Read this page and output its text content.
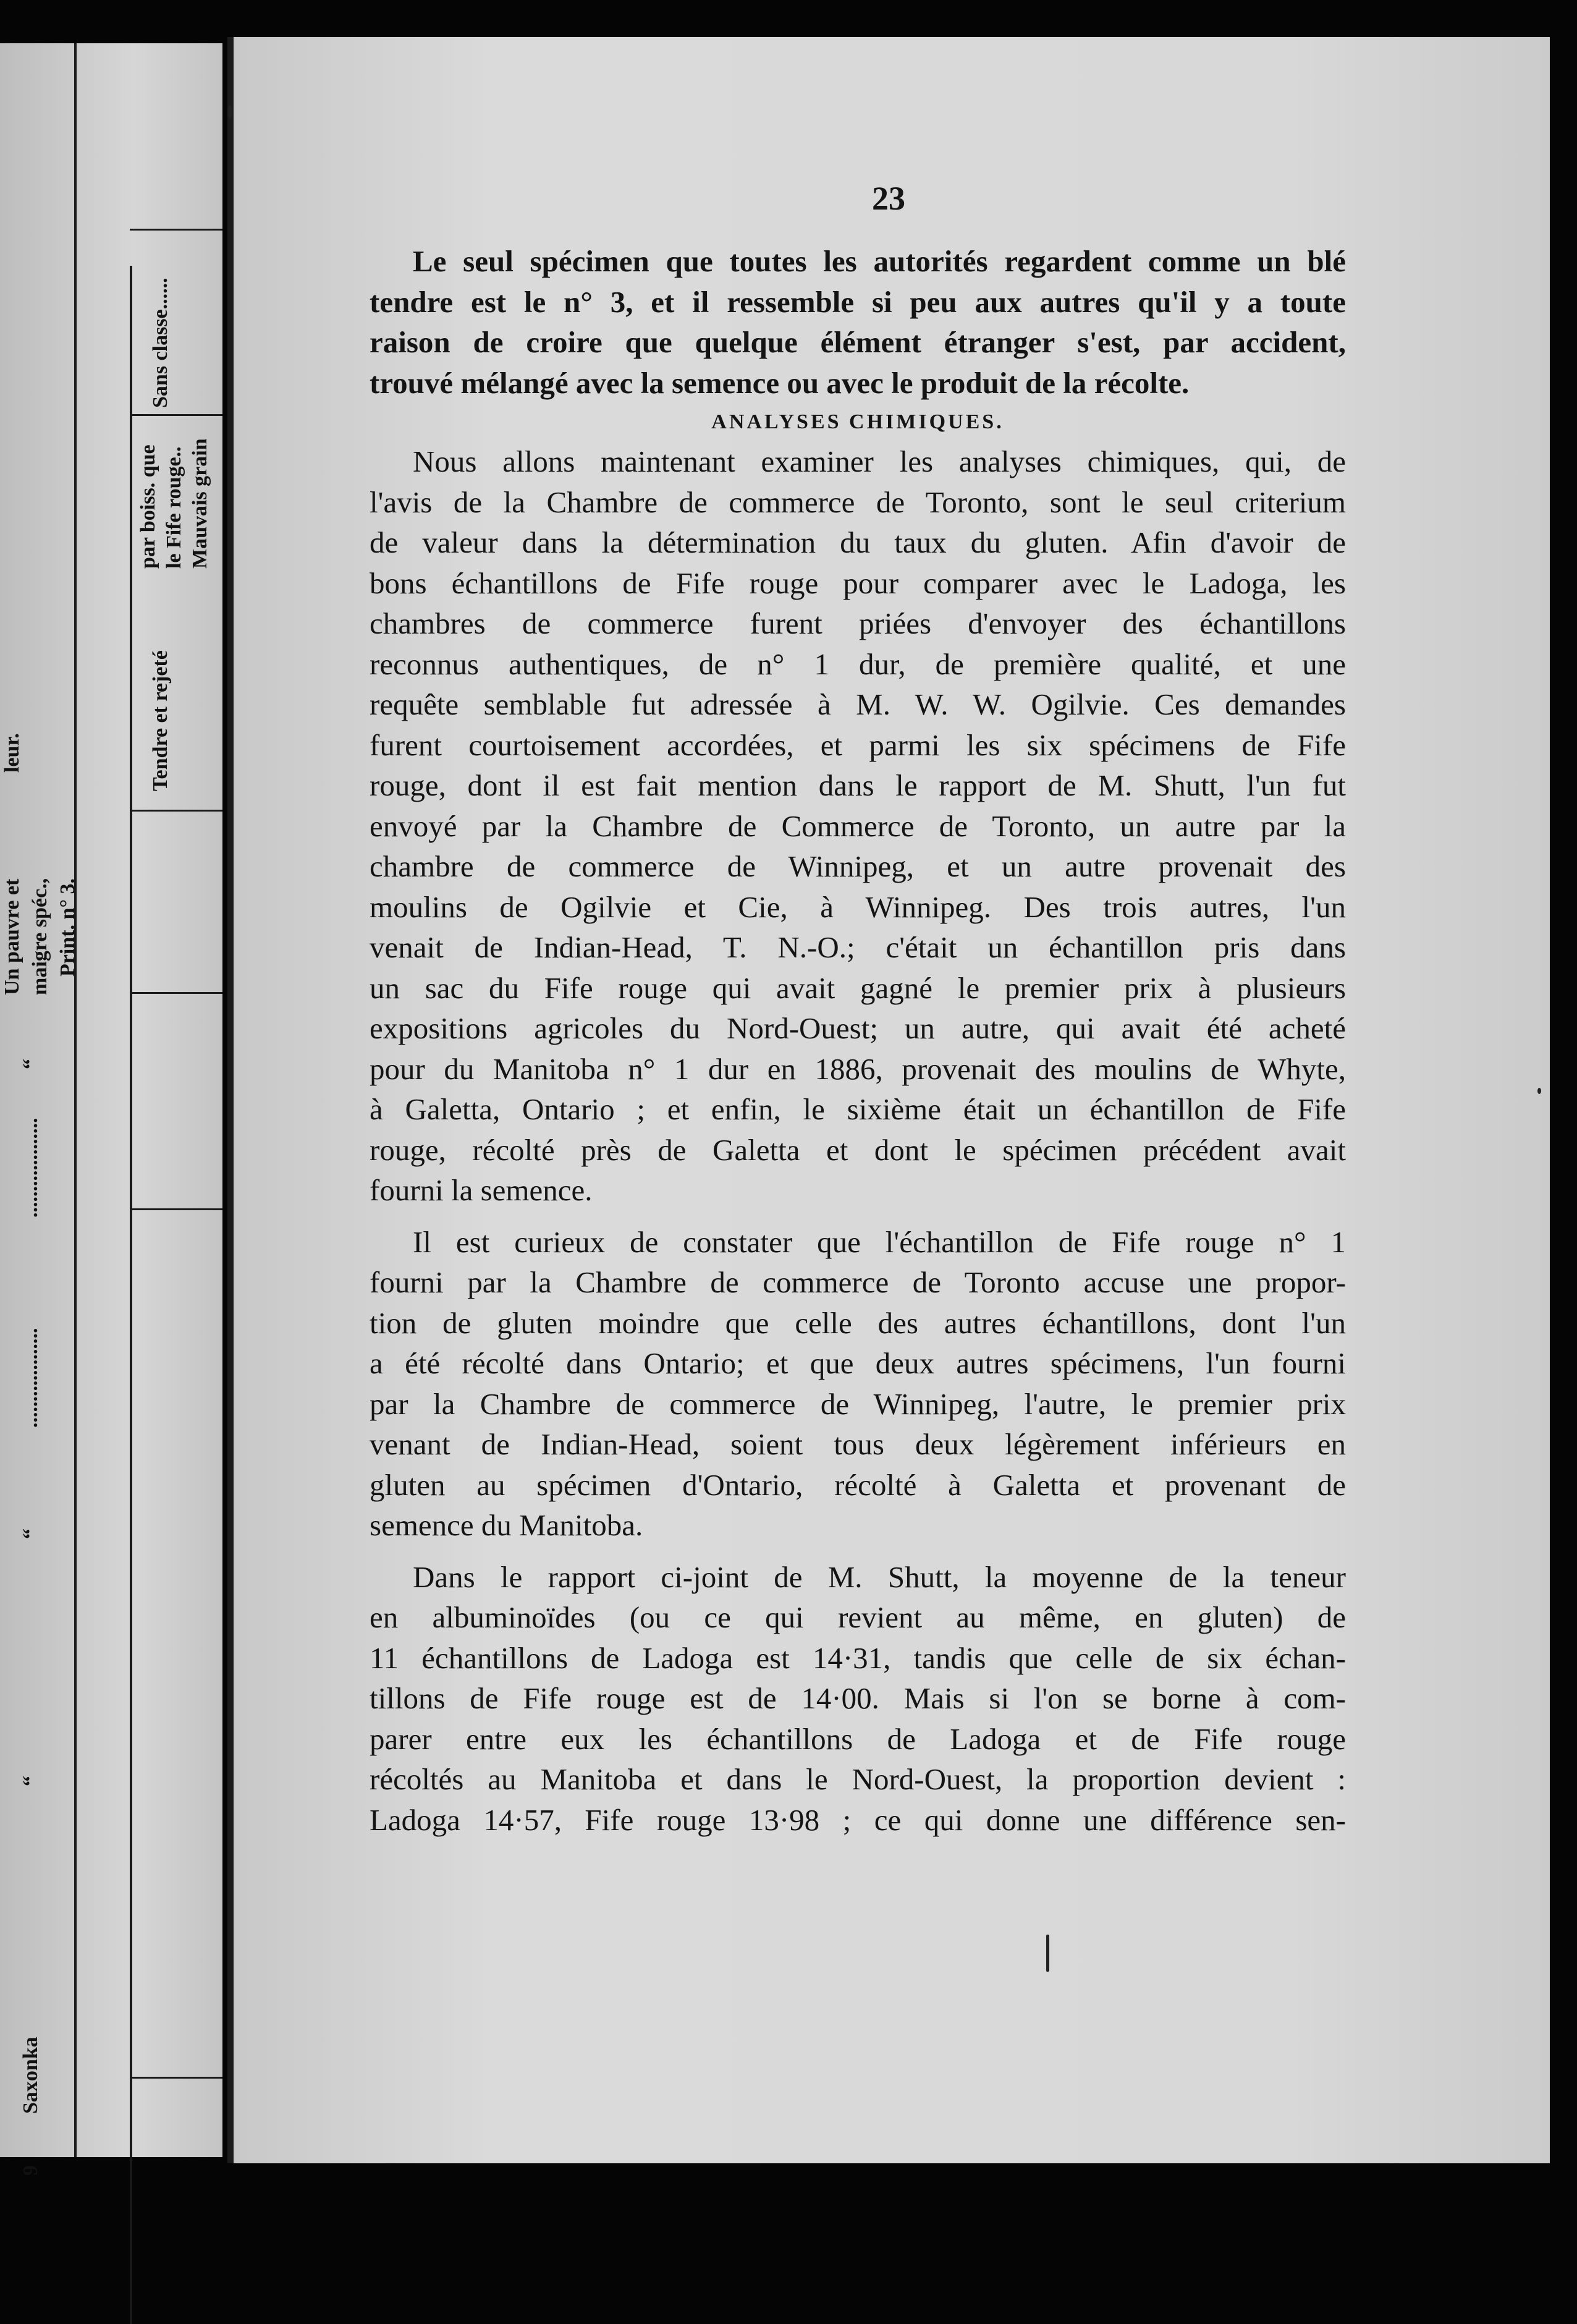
9
Saxonka
“
“
...................
...................
“
leur.
Un pauvre et maigre spéc., Print. n° 3.
Tendre et rejeté
par boiss. que le Fife rouge.. Mauvais grain
Sans classe......
23
Le seul spécimen que toutes les autorités regardent comme un blé
tendre est le n° 3, et il ressemble si peu aux autres qu'il y a toute
raison de croire que quelque élément étranger s'est, par accident,
trouvé mélangé avec la semence ou avec le produit de la récolte.
ANALYSES CHIMIQUES.
Nous allons maintenant examiner les analyses chimiques, qui, de
l'avis de la Chambre de commerce de Toronto, sont le seul criterium
de valeur dans la détermination du taux du gluten. Afin d'avoir de
bons échantillons de Fife rouge pour comparer avec le Ladoga, les
chambres de commerce furent priées d'envoyer des échantillons
reconnus authentiques, de n° 1 dur, de première qualité, et une
requête semblable fut adressée à M. W. W. Ogilvie. Ces demandes
furent courtoisement accordées, et parmi les six spécimens de Fife
rouge, dont il est fait mention dans le rapport de M. Shutt, l'un fut
envoyé par la Chambre de Commerce de Toronto, un autre par la
chambre de commerce de Winnipeg, et un autre provenait des
moulins de Ogilvie et Cie, à Winnipeg. Des trois autres, l'un
venait de Indian-Head, T. N.-O.; c'était un échantillon pris dans
un sac du Fife rouge qui avait gagné le premier prix à plusieurs
expositions agricoles du Nord-Ouest; un autre, qui avait été acheté
pour du Manitoba n° 1 dur en 1886, provenait des moulins de Whyte,
à Galetta, Ontario ; et enfin, le sixième était un échantillon de Fife
rouge, récolté près de Galetta et dont le spécimen précédent avait
fourni la semence.
Il est curieux de constater que l'échantillon de Fife rouge n° 1
fourni par la Chambre de commerce de Toronto accuse une propor-
tion de gluten moindre que celle des autres échantillons, dont l'un
a été récolté dans Ontario; et que deux autres spécimens, l'un fourni
par la Chambre de commerce de Winnipeg, l'autre, le premier prix
venant de Indian-Head, soient tous deux légèrement inférieurs en
gluten au spécimen d'Ontario, récolté à Galetta et provenant de
semence du Manitoba.
Dans le rapport ci-joint de M. Shutt, la moyenne de la teneur
en albuminoïdes (ou ce qui revient au même, en gluten) de
11 échantillons de Ladoga est 14·31, tandis que celle de six échan-
tillons de Fife rouge est de 14·00. Mais si l'on se borne à com-
parer entre eux les échantillons de Ladoga et de Fife rouge
récoltés au Manitoba et dans le Nord-Ouest, la proportion devient :
Ladoga 14·57, Fife rouge 13·98 ; ce qui donne une différence sen-
